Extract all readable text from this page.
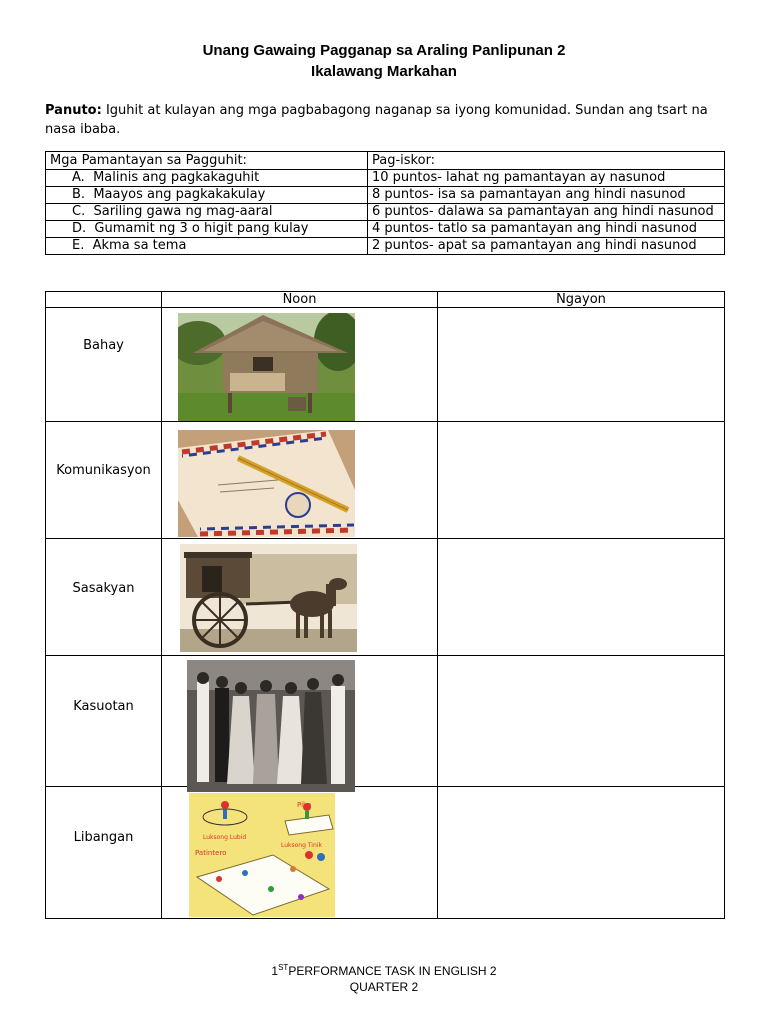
Unang Gawaing Pagganap sa Araling Panlipunan 2
Ikalawang Markahan
Panuto: Iguhit at kulayan ang mga pagbabagong naganap sa iyong komunidad. Sundan ang tsart na nasa ibaba.
Mga Pamantayan sa Pagguhit:	Pag-iskor:
A. Malinis ang pagkakaguhit	10 puntos- lahat ng pamantayan ay nasunod
B. Maayos ang pagkakakulay	8 puntos- isa sa pamantayan ang hindi nasunod
C. Sariling gawa ng mag-aaral	6 puntos- dalawa sa pamantayan ang hindi nasunod
D. Gumamit ng 3 o higit pang kulay	4 puntos- tatlo sa pamantayan ang hindi nasunod
E. Akma sa tema	2 puntos- apat sa pamantayan ang hindi nasunod
	Noon	Ngayon

Bahay

Komunikasyon

Sasakyan

Kasuotan

Libangan	Luksong Lubid
Piko
Patintero
Luksong Tinik	

1STPERFORMANCE TASK IN ENGLISH 2
QUARTER 2
